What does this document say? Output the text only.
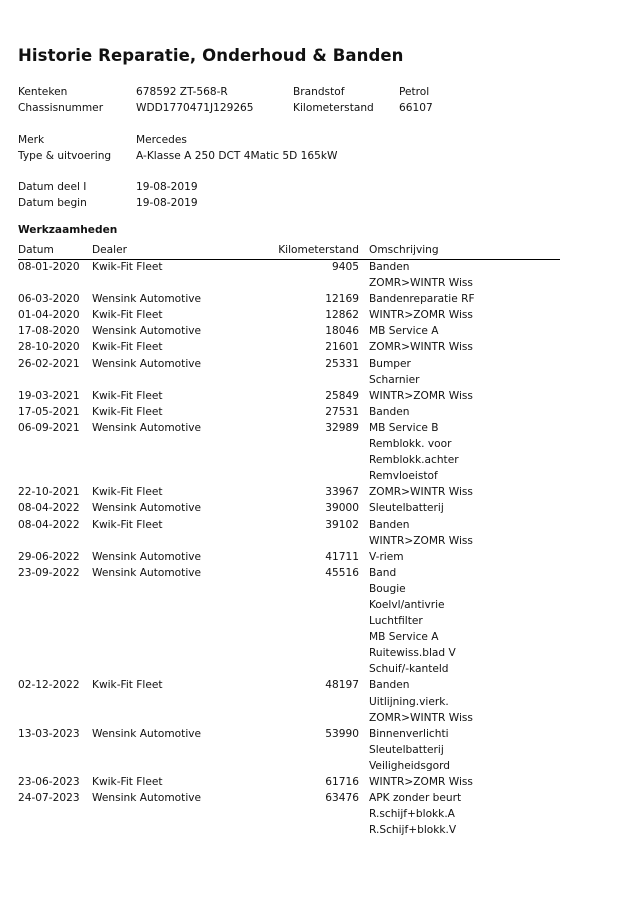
Historie Reparatie, Onderhoud & Banden
Kenteken	678592 ZT-568-R	Brandstof	Petrol
Chassisnummer	WDD1770471J129265	Kilometerstand 66107
Merk	Mercedes
Type & uitvoering A-Klasse A 250 DCT 4Matic 5D 165kW
Datum deel I	19-08-2019
Datum begin	19-08-2019
Werkzaamheden
Datum	Dealer	Kilometerstand Omschrijving
08-01-2020 Kwik-Fit Fleet	9405 Banden
ZOMR>WINTR Wiss
06-03-2020 Wensink Automotive	12169 Bandenreparatie RF
01-04-2020 Kwik-Fit Fleet	12862 WINTR>ZOMR Wiss
17-08-2020 Wensink Automotive	18046 MB Service A
28-10-2020 Kwik-Fit Fleet	21601 ZOMR>WINTR Wiss
26-02-2021 Wensink Automotive	25331 Bumper
Scharnier
19-03-2021 Kwik-Fit Fleet	25849 WINTR>ZOMR Wiss
17-05-2021 Kwik-Fit Fleet	27531 Banden
06-09-2021 Wensink Automotive	32989 MB Service B
Remblokk. voor
Remblokk.achter
Remvloeistof
22-10-2021 Kwik-Fit Fleet	33967 ZOMR>WINTR Wiss
08-04-2022 Wensink Automotive	39000 Sleutelbatterij
08-04-2022 Kwik-Fit Fleet	39102 Banden
WINTR>ZOMR Wiss
29-06-2022 Wensink Automotive	41711 V-riem
23-09-2022 Wensink Automotive	45516 Band
Bougie
Koelvl/antivrie
Luchtfilter
MB Service A
Ruitewiss.blad V
Schuif/-kanteld
02-12-2022 Kwik-Fit Fleet	48197 Banden
Uitlijning.vierk.
ZOMR>WINTR Wiss
13-03-2023 Wensink Automotive	53990 Binnenverlichti
Sleutelbatterij
Veiligheidsgord
23-06-2023 Kwik-Fit Fleet	61716 WINTR>ZOMR Wiss
24-07-2023 Wensink Automotive	63476 APK zonder beurt
R.schijf+blokk.A
R.Schijf+blokk.V
